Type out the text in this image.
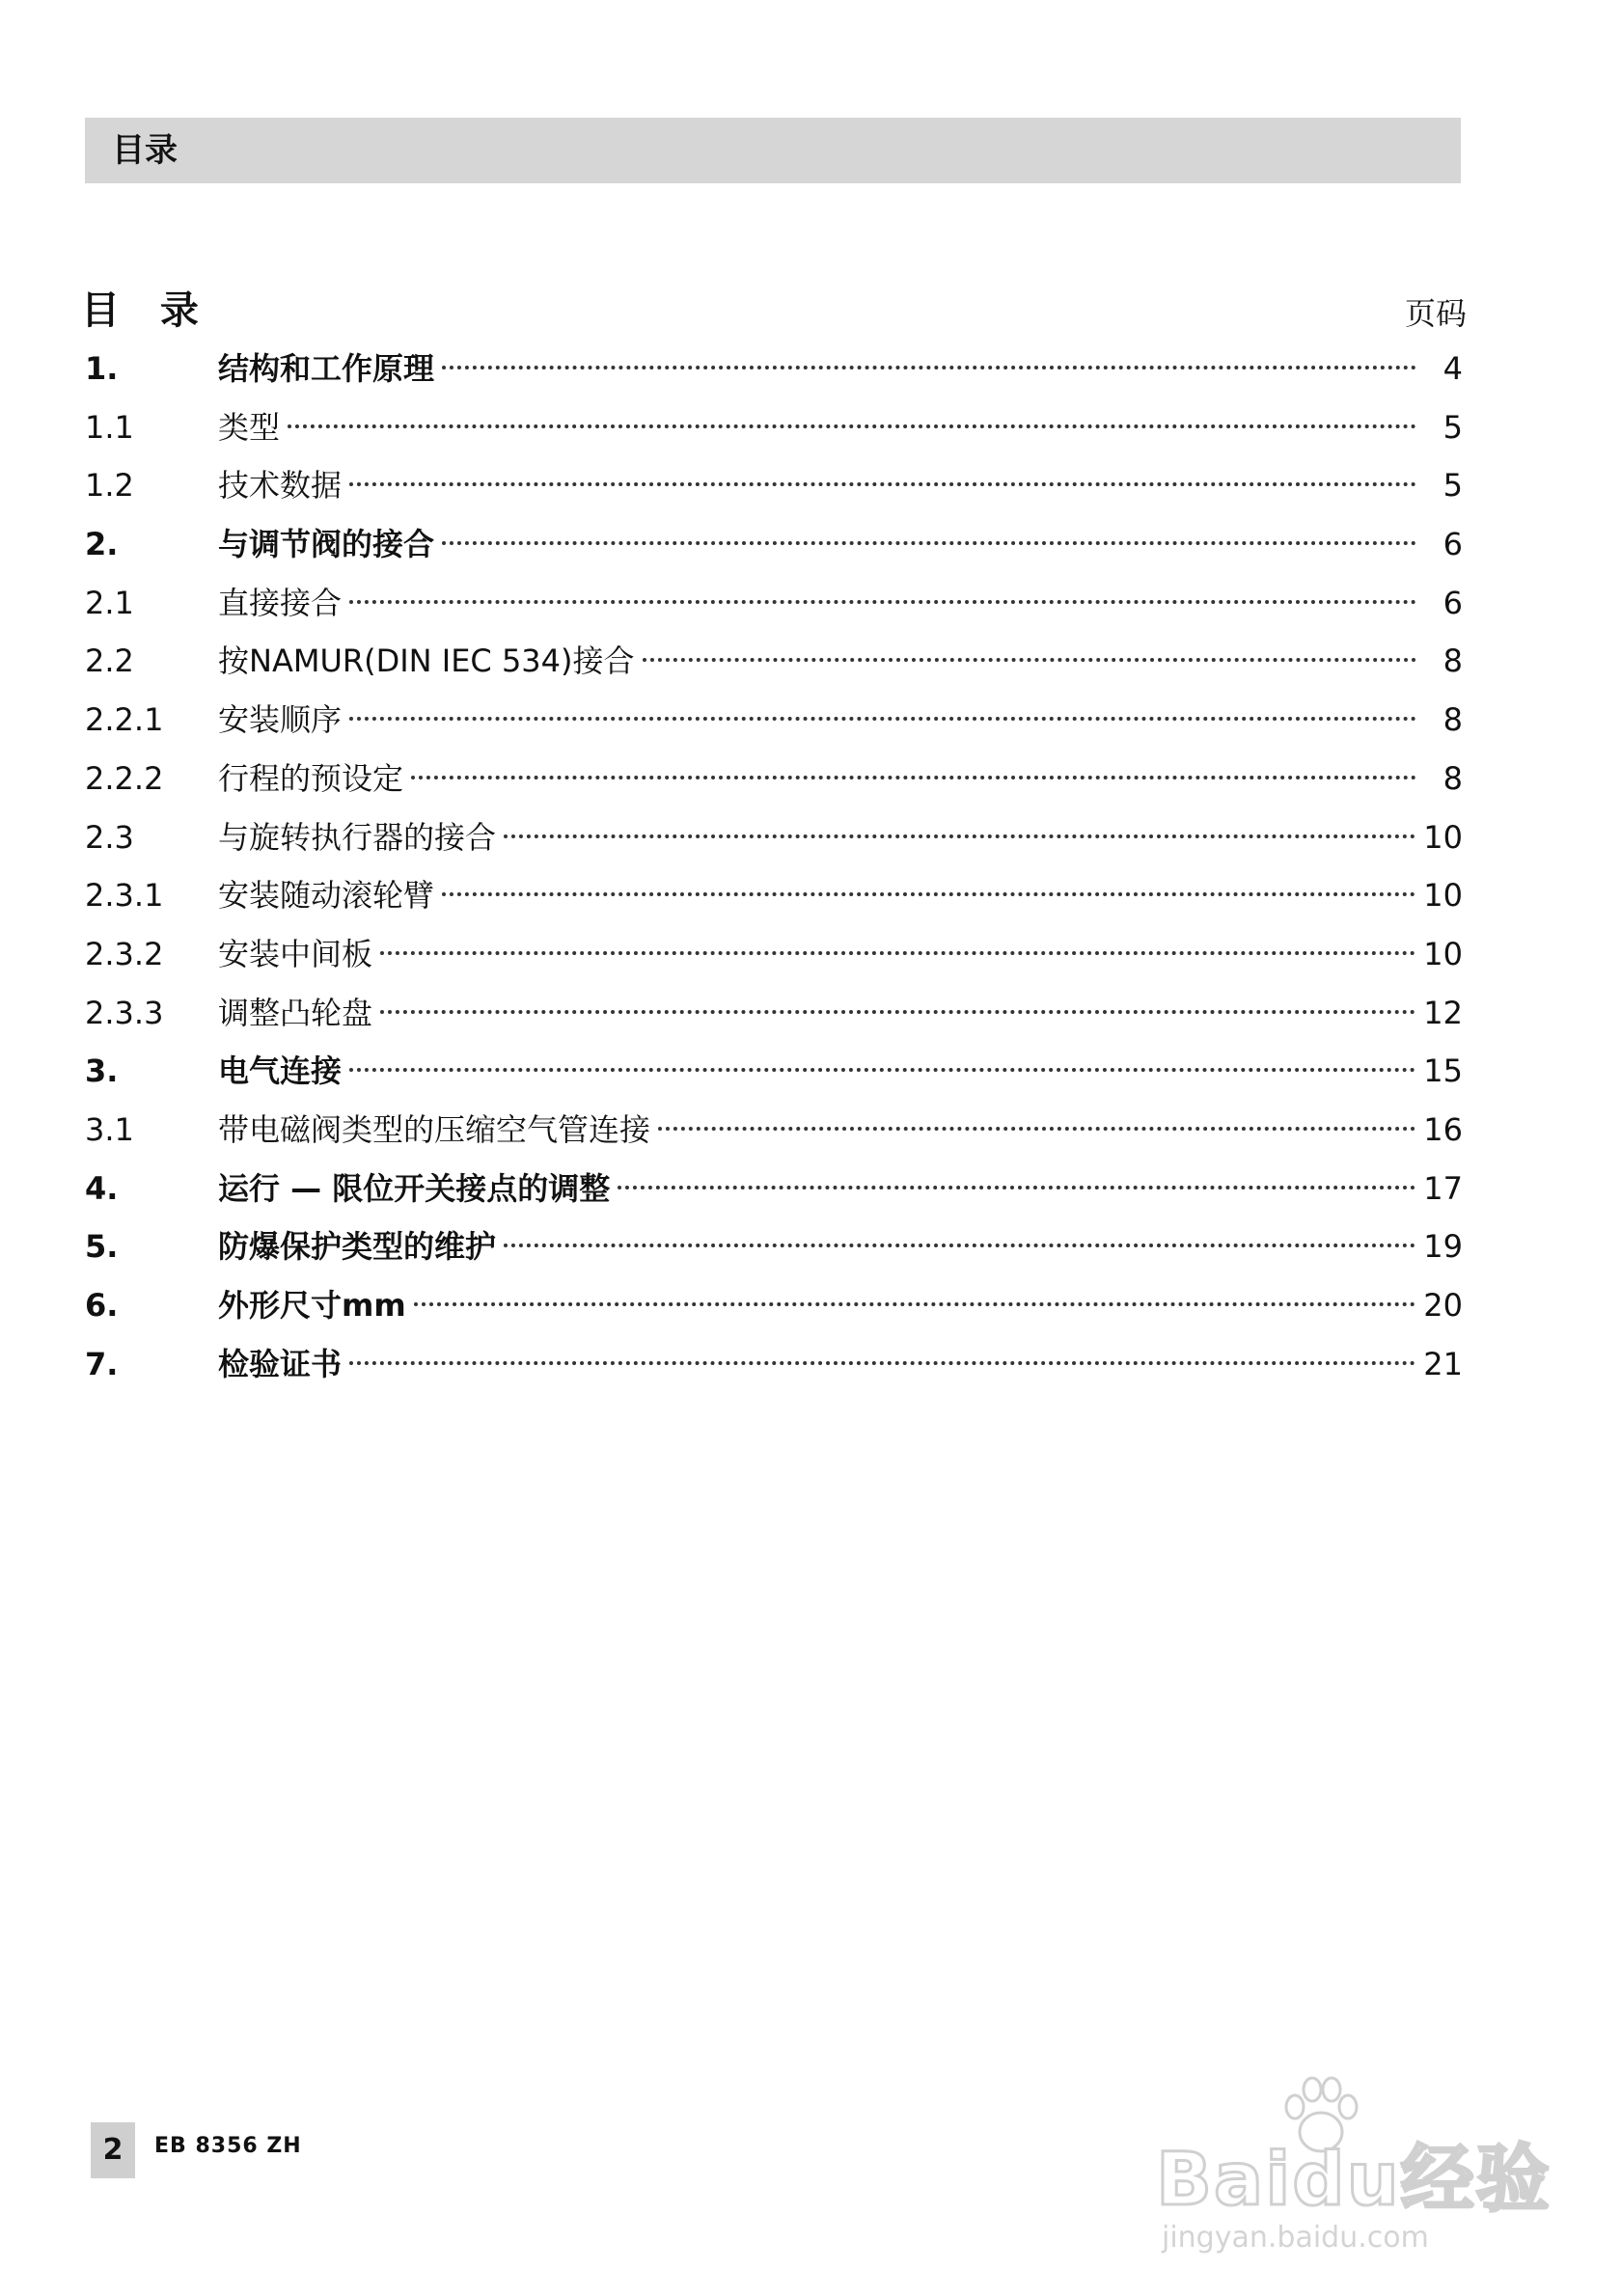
目录
目 录	页码
1.	结构和工作原理	4
1.1	类型	5
1.2	技术数据	5
2.	与调节阀的接合	6
2.1	直接接合	6
2.2	按NAMUR(DIN IEC 534)接合	8
2.2.1	安装顺序	8
2.2.2	行程的预设定	8
2.3	与旋转执行器的接合	10
2.3.1	安装随动滚轮臂	10
2.3.2	安装中间板	10
2.3.3	调整凸轮盘	12
3.	电气连接	15
3.1	带电磁阀类型的压缩空气管连接	16
4.	运行 — 限位开关接点的调整	17
5.	防爆保护类型的维护	19
6.	外形尺寸mm	20
7.	检验证书	21
2	EB 8356 ZH	Baidu经验
jingyan.baidu.com
